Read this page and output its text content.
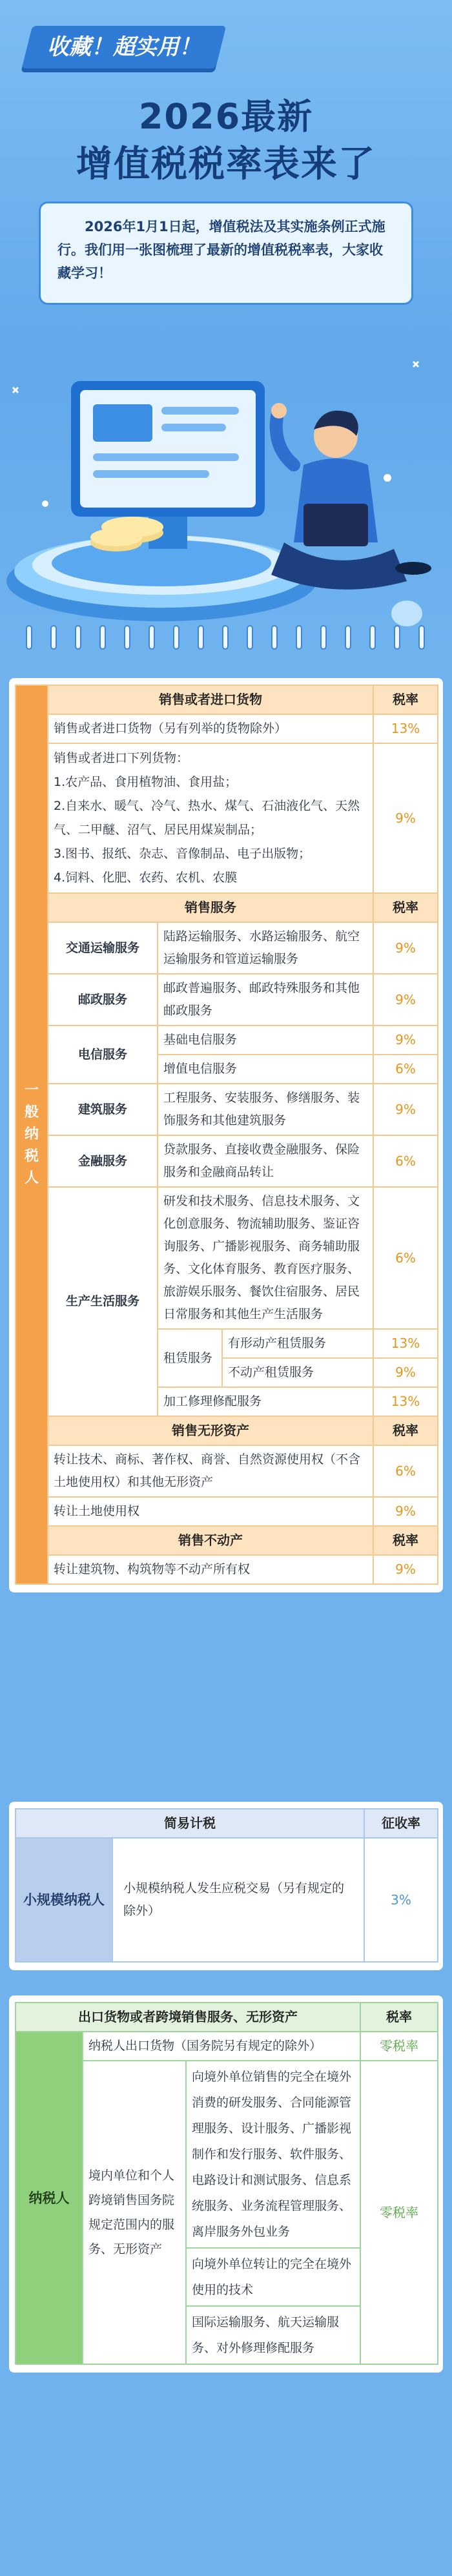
收藏！超实用！
2026最新
增值税税率表来了
2026年1月1日起，增值税法及其实施条例正式施行。我们用一张图梳理了最新的增值税税率表，大家收藏学习！
一般纳税人	销售或者进口货物			税率
	销售或者进口货物（另有列举的货物除外）			13%

	销售或者进口下列货物：
1.农产品、食用植物油、食用盐；
2.自来水、暖气、冷气、热水、煤气、石油液化气、天然气、二甲醚、沼气、居民用煤炭制品；
3.图书、报纸、杂志、音像制品、电子出版物；
4.饲料、化肥、农药、农机、农膜			9%
	销售服务			税率
	交通运输服务	陆路运输服务、水路运输服务、航空运输服务和管道运输服务		9%
	邮政服务	邮政普遍服务、邮政特殊服务和其他邮政服务		9%
	电信服务	基础电信服务		9%
		增值电信服务		6%
	建筑服务	工程服务、安装服务、修缮服务、装饰服务和其他建筑服务		9%
	金融服务	贷款服务、直接收费金融服务、保险服务和金融商品转让		6%
	生产生活服务	研发和技术服务、信息技术服务、文化创意服务、物流辅助服务、鉴证咨询服务、广播影视服务、商务辅助服务、文化体育服务、教育医疗服务、旅游娱乐服务、餐饮住宿服务、居民日常服务和其他生产生活服务		6%
		租赁服务	有形动产租赁服务	13%
			不动产租赁服务	9%
		加工修理修配服务		13%
	销售无形资产			税率
	转让技术、商标、著作权、商誉、自然资源使用权（不含土地使用权）和其他无形资产			6%
	转让土地使用权			9%
	销售不动产			税率
	转让建筑物、构筑物等不动产所有权			9%
简易计税		征收率
小规模纳税人	小规模纳税人发生应税交易（另有规定的除外）	3%
出口货物或者跨境销售服务、无形资产			税率
纳税人	纳税人出口货物（国务院另有规定的除外）		零税率
	境内单位和个人跨境销售国务院规定范围内的服务、无形资产	向境外单位销售的完全在境外消费的研发服务、合同能源管理服务、设计服务、广播影视制作和发行服务、软件服务、电路设计和测试服务、信息系统服务、业务流程管理服务、离岸服务外包业务	零税率
		向境外单位转让的完全在境外使用的技术	
		国际运输服务、航天运输服务、对外修理修配服务	
